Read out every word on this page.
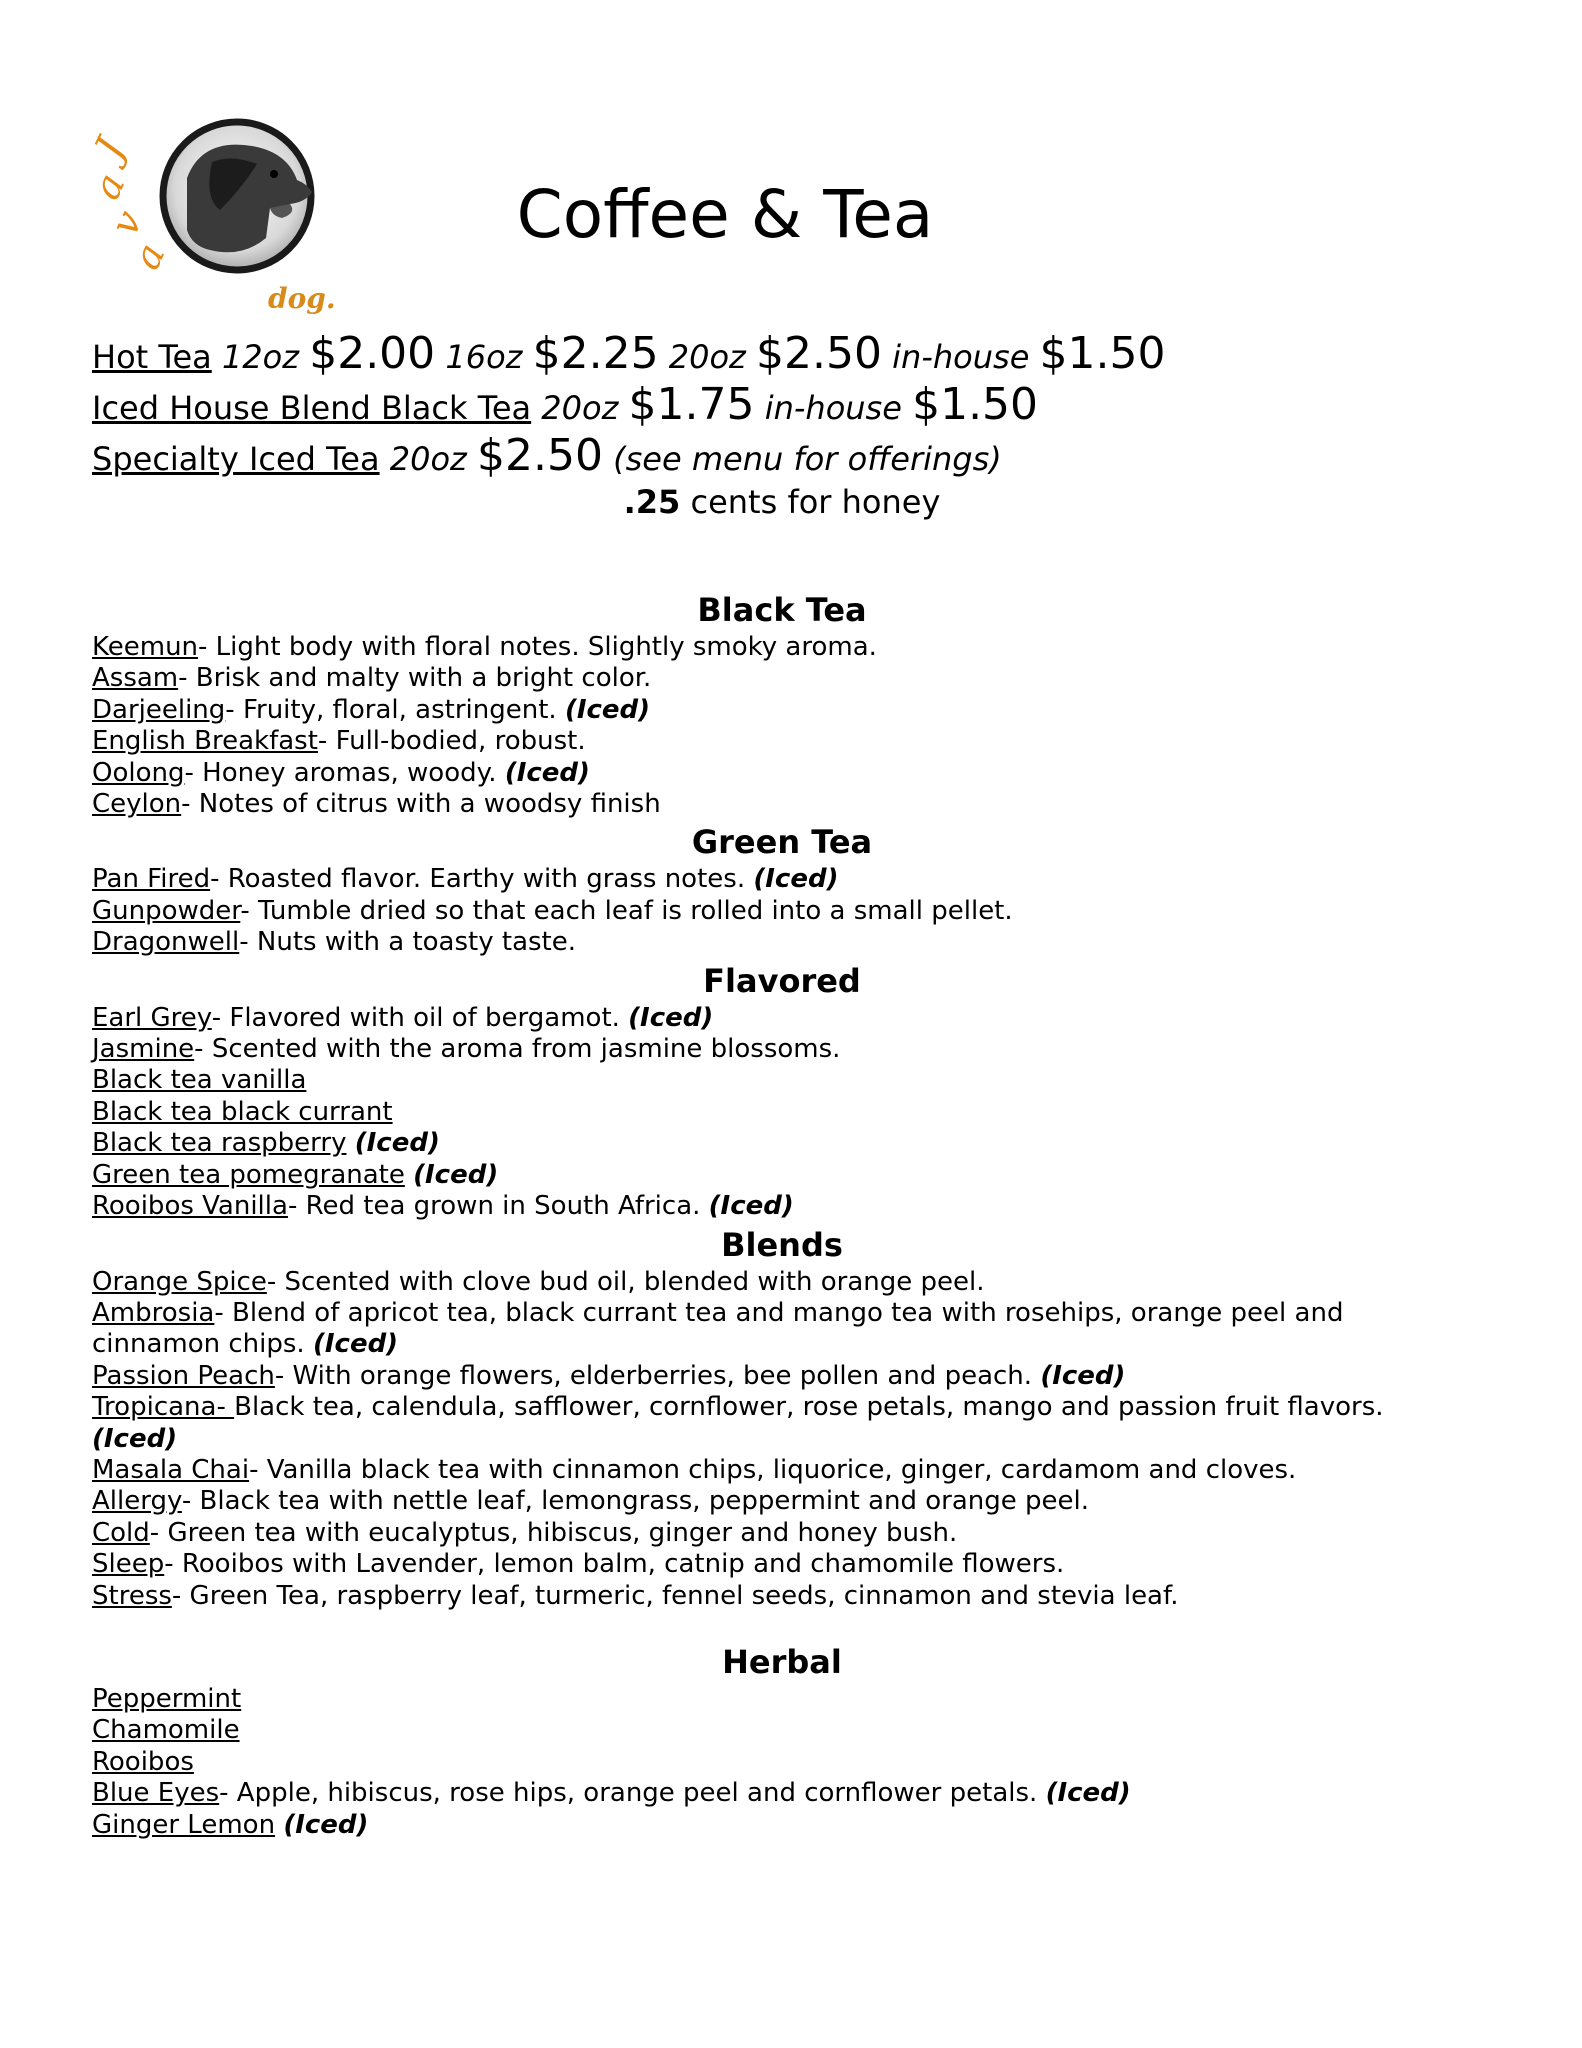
J
a
v
a
dog.
Coffee & Tea
Hot Tea 12oz $2.00 16oz $2.25 20oz $2.50 in-house $1.50
Iced House Blend Black Tea 20oz $1.75 in-house $1.50
Specialty Iced Tea 20oz $2.50 (see menu for offerings)
.25 cents for honey
Black Tea
Keemun- Light body with floral notes. Slightly smoky aroma.
Assam- Brisk and malty with a bright color.
Darjeeling- Fruity, floral, astringent. (Iced)
English Breakfast- Full-bodied, robust.
Oolong- Honey aromas, woody. (Iced)
Ceylon- Notes of citrus with a woodsy finish
Green Tea
Pan Fired- Roasted flavor. Earthy with grass notes. (Iced)
Gunpowder- Tumble dried so that each leaf is rolled into a small pellet.
Dragonwell- Nuts with a toasty taste.
Flavored
Earl Grey- Flavored with oil of bergamot. (Iced)
Jasmine- Scented with the aroma from jasmine blossoms.
Black tea vanilla
Black tea black currant
Black tea raspberry (Iced)
Green tea pomegranate (Iced)
Rooibos Vanilla- Red tea grown in South Africa. (Iced)
Blends
Orange Spice- Scented with clove bud oil, blended with orange peel.
Ambrosia- Blend of apricot tea, black currant tea and mango tea with rosehips, orange peel and cinnamon chips. (Iced)
Passion Peach- With orange flowers, elderberries, bee pollen and peach. (Iced)
Tropicana- Black tea, calendula, safflower, cornflower, rose petals, mango and passion fruit flavors. (Iced)
Masala Chai- Vanilla black tea with cinnamon chips, liquorice, ginger, cardamom and cloves.
Allergy- Black tea with nettle leaf, lemongrass, peppermint and orange peel.
Cold- Green tea with eucalyptus, hibiscus, ginger and honey bush.
Sleep- Rooibos with Lavender, lemon balm, catnip and chamomile flowers.
Stress- Green Tea, raspberry leaf, turmeric, fennel seeds, cinnamon and stevia leaf.
Herbal
Peppermint
Chamomile
Rooibos
Blue Eyes- Apple, hibiscus, rose hips, orange peel and cornflower petals. (Iced)
Ginger Lemon (Iced)
